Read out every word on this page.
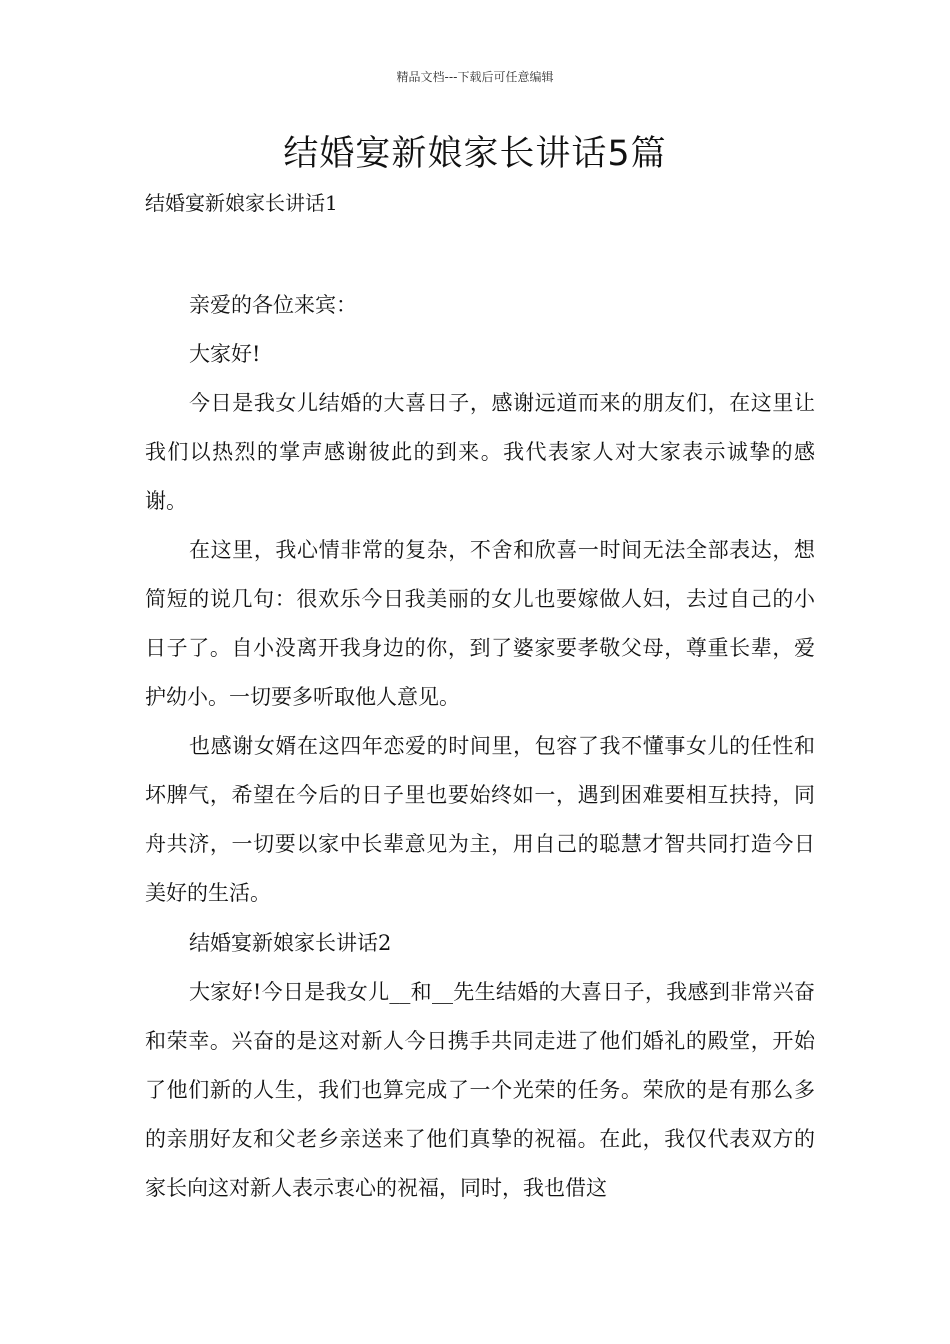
精品文档---下载后可任意编辑
结婚宴新娘家长讲话5篇

结婚宴新娘家长讲话1

亲爱的各位来宾：

大家好!

今日是我女儿结婚的大喜日子，感谢远道而来的朋友们，在这里让我们以热烈的掌声感谢彼此的到来。我代表家人对大家表示诚挚的感谢。

在这里，我心情非常的复杂，不舍和欣喜一时间无法全部表达，想简短的说几句：很欢乐今日我美丽的女儿也要嫁做人妇，去过自己的小日子了。自小没离开我身边的你，到了婆家要孝敬父母，尊重长辈，爱护幼小。一切要多听取他人意见。

也感谢女婿在这四年恋爱的时间里，包容了我不懂事女儿的任性和坏脾气，希望在今后的日子里也要始终如一，遇到困难要相互扶持，同舟共济，一切要以家中长辈意见为主，用自己的聪慧才智共同打造今日美好的生活。

结婚宴新娘家长讲话2

大家好!今日是我女儿__和__先生结婚的大喜日子，我感到非常兴奋和荣幸。兴奋的是这对新人今日携手共同走进了他们婚礼的殿堂，开始了他们新的人生，我们也算完成了一个光荣的任务。荣欣的是有那么多的亲朋好友和父老乡亲送来了他们真挚的祝福。在此，我仅代表双方的家长向这对新人表示衷心的祝福，同时，我也借这
